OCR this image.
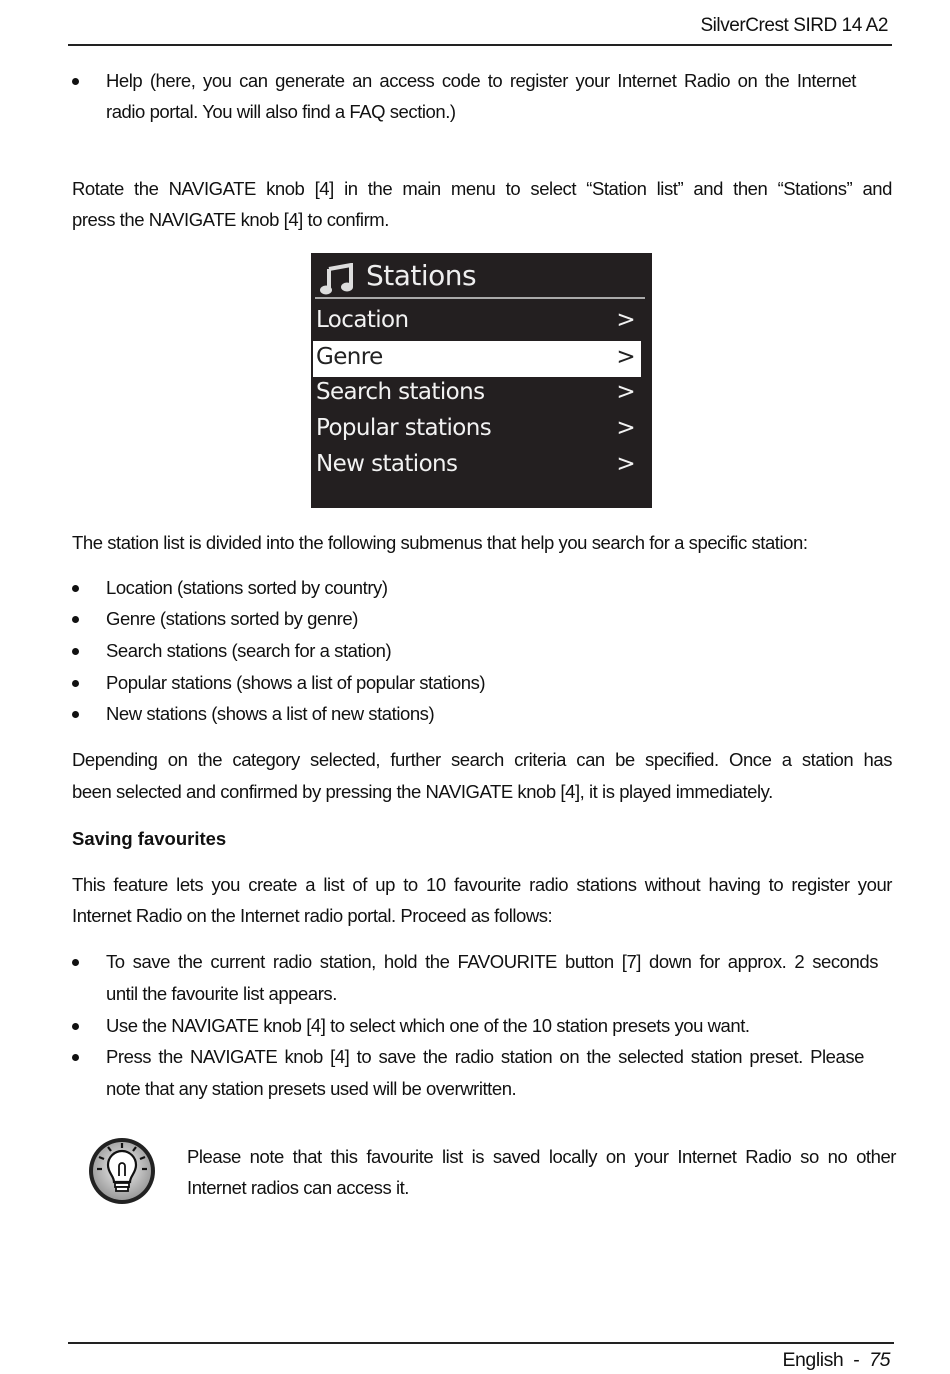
SilverCrest SIRD 14 A2
Help (here, you can generate an access code to register your Internet Radio on the Internet
radio portal. You will also find a FAQ section.)
Rotate the NAVIGATE knob [4] in the main menu to select “Station list” and then “Stations” and
press the NAVIGATE knob [4] to confirm.
Stations
Location	>
Genre	>
Search stations	>
Popular stations	>
New stations	>
The station list is divided into the following submenus that help you search for a specific station:
Location (stations sorted by country)
Genre (stations sorted by genre)
Search stations (search for a station)
Popular stations (shows a list of popular stations)
New stations (shows a list of new stations)
Depending on the category selected, further search criteria can be specified. Once a station has
been selected and confirmed by pressing the NAVIGATE knob [4], it is played immediately.
Saving favourites
This feature lets you create a list of up to 10 favourite radio stations without having to register your
Internet Radio on the Internet radio portal. Proceed as follows:
To save the current radio station, hold the FAVOURITE button [7] down for approx. 2 seconds
until the favourite list appears.
Use the NAVIGATE knob [4] to select which one of the 10 station presets you want.
Press the NAVIGATE knob [4] to save the radio station on the selected station preset. Please
note that any station presets used will be overwritten.
Please note that this favourite list is saved locally on your Internet Radio so no other
Internet radios can access it.
English - 75
